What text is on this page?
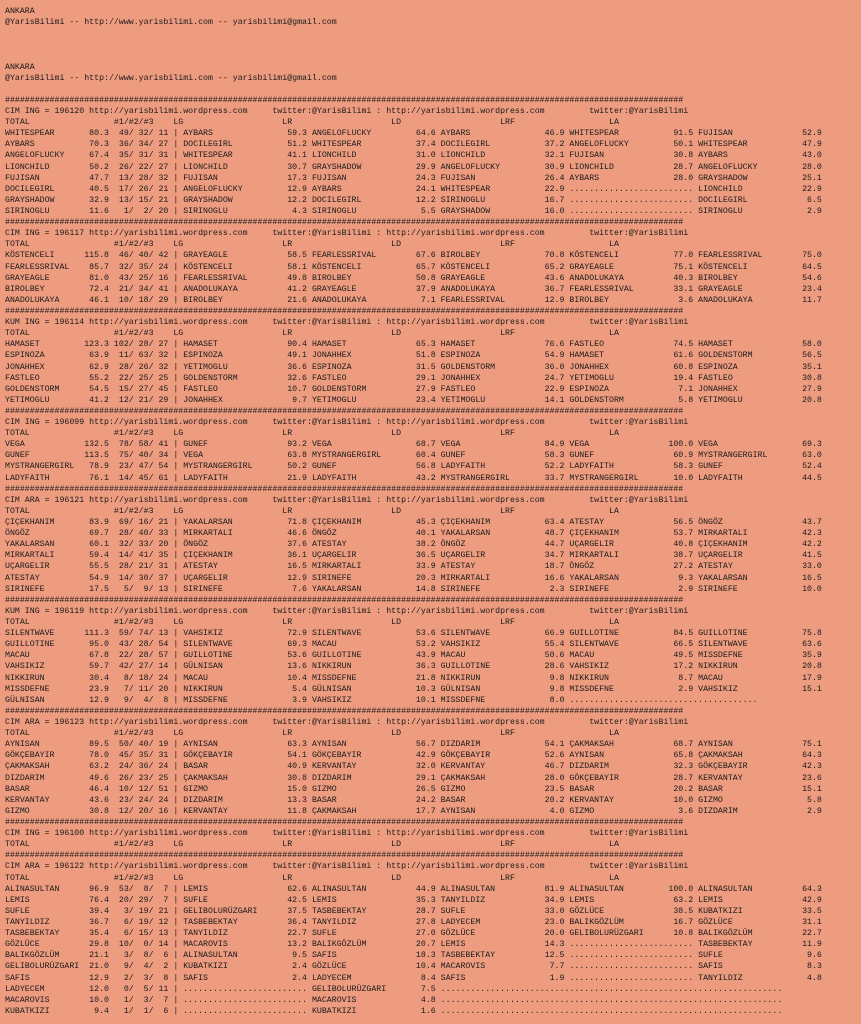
ANKARA
@YarisBilimi -- http://www.yarisbilimi.com -- yarisbilimi@gmail.com
ANKARA
@YarisBilimi -- http://www.yarisbilimi.com -- yarisbilimi@gmail.com
#########################################################################################################################################
CIM ING = 196120 http://yarisbilimi.wordpress.com     twitter:@YarisBilimi : http://yarisbilimi.wordpress.com         twitter:@YarisBilimi
TOTAL                 #1/#2/#3    LG                    LR                    LD                    LRF                   LA
WHITESPEAR       80.3  49/ 32/ 11 | AYBARS               59.3 ANGELOFLUCKY         64.6 AYBARS               46.9 WHITESPEAR           91.5 FUJISAN              52.9
AYBARS           70.3  36/ 34/ 27 | DOCILEGIRL           51.2 WHITESPEAR           37.4 DOCILEGIRL           37.2 ANGELOFLUCKY         50.1 WHITESPEAR           47.9
ANGELOFLUCKY     67.4  35/ 31/ 31 | WHITESPEAR           41.1 LIONCHILD            31.0 LIONCHILD            32.1 FUJISAN              30.8 AYBARS               43.0
LIONCHILD        50.2  26/ 22/ 27 | LIONCHILD            30.7 GRAYSHADOW           29.9 ANGELOFLUCKY         30.9 LIONCHILD            28.7 ANGELOFLUCKY         28.0
FUJISAN          47.7  13/ 28/ 32 | FUJISAN              17.3 FUJISAN              24.3 FUJISAN              26.4 AYBARS               28.0 GRAYSHADOW           25.1
DOCILEGIRL       40.5  17/ 26/ 21 | ANGELOFLUCKY         12.9 AYBARS               24.1 WHITESPEAR           22.9 ......................... LIONCHILD            22.9
GRAYSHADOW       32.9  13/ 15/ 21 | GRAYSHADOW           12.2 DOCILEGIRL           12.2 SIRINOGLU            16.7 ......................... DOCILEGIRL            6.5
SIRINOGLU        11.6   1/  2/ 20 | SIRINOGLU             4.3 SIRINOGLU             5.5 GRAYSHADOW           16.0 ......................... SIRINOGLU             2.9
#########################################################################################################################################
CIM ING = 196117 http://yarisbilimi.wordpress.com     twitter:@YarisBilimi : http://yarisbilimi.wordpress.com         twitter:@YarisBilimi
TOTAL                 #1/#2/#3    LG                    LR                    LD                    LRF                   LA
KÖSTENCELI      115.8  46/ 40/ 42 | GRAYEAGLE            58.5 FEARLESSRIVAL        67.6 BIROLBEY             70.8 KÖSTENCELI           77.0 FEARLESSRIVAL        75.0
FEARLESSRIVAL    85.7  32/ 35/ 24 | KÖSTENCELI           58.1 KÖSTENCELI           65.7 KÖSTENCELI           65.2 GRAYEAGLE            75.1 KÖSTENCELI           64.5
GRAYEAGLE        81.0  43/ 25/ 16 | FEARLESSRIVAL        49.8 BIROLBEY             50.8 GRAYEAGLE            43.6 ANADOLUKAYA          40.3 BIROLBEY             54.6
BIROLBEY         72.4  21/ 34/ 41 | ANADOLUKAYA          41.2 GRAYEAGLE            37.9 ANADOLUKAYA          36.7 FEARLESSRIVAL        33.1 GRAYEAGLE            23.4
ANADOLUKAYA      46.1  10/ 18/ 29 | BIROLBEY             21.6 ANADOLUKAYA           7.1 FEARLESSRIVAL        12.9 BIROLBEY              3.6 ANADOLUKAYA          11.7
#########################################################################################################################################
KUM ING = 196114 http://yarisbilimi.wordpress.com     twitter:@YarisBilimi : http://yarisbilimi.wordpress.com         twitter:@YarisBilimi
TOTAL                 #1/#2/#3    LG                    LR                    LD                    LRF                   LA
HAMASET         123.3 102/ 28/ 27 | HAMASET              90.4 HAMASET              65.3 HAMASET              76.6 FASTLEO              74.5 HAMASET              58.0
ESPINOZA         63.9  11/ 63/ 32 | ESPINOZA             49.1 JONAHHEX             51.8 ESPINOZA             54.9 HAMASET              61.6 GOLDENSTORM          56.5
JONAHHEX         62.9  28/ 26/ 32 | YETIMOGLU            36.6 ESPINOZA             31.5 GOLDENSTORM          36.0 JONAHHEX             60.8 ESPINOZA             35.1
FASTLEO          55.2  22/ 25/ 25 | GOLDENSTORM          32.6 FASTLEO              29.1 JONAHHEX             24.7 YETIMOGLU            19.4 FASTLEO              30.8
GOLDENSTORM      54.5  15/ 27/ 45 | FASTLEO              10.7 GOLDENSTORM          27.9 FASTLEO              22.9 ESPINOZA              7.1 JONAHHEX             27.9
YETIMOGLU        41.2  12/ 21/ 29 | JONAHHEX              9.7 YETIMOGLU            23.4 YETIMOGLU            14.1 GOLDENSTORM           5.8 YETIMOGLU            20.8
#########################################################################################################################################
CIM ING = 196099 http://yarisbilimi.wordpress.com     twitter:@YarisBilimi : http://yarisbilimi.wordpress.com         twitter:@YarisBilimi
TOTAL                 #1/#2/#3    LG                    LR                    LD                    LRF                   LA
VEGA            132.5  78/ 58/ 41 | GUNEF                93.2 VEGA                 68.7 VEGA                 84.9 VEGA                100.0 VEGA                 69.3
GUNEF           113.5  75/ 40/ 34 | VEGA                 63.8 MYSTRANGERGIRL       60.4 GUNEF                58.3 GUNEF                60.9 MYSTRANGERGIRL       63.0
MYSTRANGERGIRL   78.9  23/ 47/ 54 | MYSTRANGERGIRL       50.2 GUNEF                56.8 LADYFAITH            52.2 LADYFAITH            58.3 GUNEF                52.4
LADYFAITH        76.1  14/ 45/ 61 | LADYFAITH            21.9 LADYFAITH            43.2 MYSTRANGERGIRL       33.7 MYSTRANGERGIRL       10.0 LADYFAITH            44.5
#########################################################################################################################################
CIM ARA = 196121 http://yarisbilimi.wordpress.com     twitter:@YarisBilimi : http://yarisbilimi.wordpress.com         twitter:@YarisBilimi
TOTAL                 #1/#2/#3    LG                    LR                    LD                    LRF                   LA
ÇIÇEKHANIM       83.9  69/ 16/ 21 | YAKALARSAN           71.8 ÇIÇEKHANIM           45.3 ÇIÇEKHANIM           63.4 ATESTAY              56.5 ÖNGÖZ                43.7
ÖNGÖZ            69.7  28/ 40/ 33 | MIRKARTALI           46.6 ÖNGÖZ                40.1 YAKALARSAN           48.7 ÇIÇEKHANIM           53.7 MIRKARTALI           42.3
YAKALARSAN       60.1  32/ 33/ 20 | ÖNGÖZ                37.6 ATESTAY              38.2 ÖNGÖZ                44.7 UÇARGELIR            40.8 ÇIÇEKHANIM           42.2
MIRKARTALI       59.4  14/ 41/ 35 | ÇIÇEKHANIM           36.1 UÇARGELIR            36.5 UÇARGELIR            34.7 MIRKARTALI           38.7 UÇARGELIR            41.5
UÇARGELIR        55.5  28/ 21/ 31 | ATESTAY              16.5 MIRKARTALI           33.9 ATESTAY              18.7 ÖNGÖZ                27.2 ATESTAY              33.0
ATESTAY          54.9  14/ 30/ 37 | UÇARGELIR            12.9 SIRINEFE             20.3 MIRKARTALI           16.6 YAKALARSAN            9.3 YAKALARSAN           16.5
SIRINEFE         17.5   5/  9/ 13 | SIRINEFE              7.6 YAKALARSAN           14.8 SIRINEFE              2.3 SIRINEFE              2.9 SIRINEFE             10.0
#########################################################################################################################################
KUM ING = 196119 http://yarisbilimi.wordpress.com     twitter:@YarisBilimi : http://yarisbilimi.wordpress.com         twitter:@YarisBilimi
TOTAL                 #1/#2/#3    LG                    LR                    LD                    LRF                   LA
SILENTWAVE      111.3  59/ 74/ 13 | VAHSIKIZ             72.9 SILENTWAVE           53.6 SILENTWAVE           66.9 GUILLOTINE           84.5 GUILLOTINE           75.8
GUILLOTINE       95.0  43/ 28/ 54 | SILENTWAVE           69.3 MACAU                53.2 VAHSIKIZ             55.4 SILENTWAVE           66.5 SILENTWAVE           63.6
MACAU            67.8  22/ 28/ 57 | GUILLOTINE           53.6 GUILLOTINE           43.9 MACAU                50.6 MACAU                49.5 MISSDEFNE            35.9
VAHSIKIZ         59.7  42/ 27/ 14 | GÜLNISAN             13.6 NIKKIRUN             36.3 GUILLOTINE           28.6 VAHSIKIZ             17.2 NIKKIRUN             20.8
NIKKIRUN         30.4   8/ 18/ 24 | MACAU                10.4 MISSDEFNE            21.8 NIKKIRUN              9.8 NIKKIRUN              8.7 MACAU                17.9
MISSDEFNE        23.9   7/ 11/ 20 | NIKKIRUN              5.4 GÜLNISAN             10.3 GÜLNISAN              9.8 MISSDEFNE             2.9 VAHSIKIZ             15.1
GÜLNISAN         12.9   9/  4/  8 | MISSDEFNE             3.9 VAHSIKIZ             10.1 MISSDEFNE             8.0 ......................................
#########################################################################################################################################
CIM ARA = 196123 http://yarisbilimi.wordpress.com     twitter:@YarisBilimi : http://yarisbilimi.wordpress.com         twitter:@YarisBilimi
TOTAL                 #1/#2/#3    LG                    LR                    LD                    LRF                   LA
AYNISAN          89.5  50/ 40/ 19 | AYNISAN              63.3 AYNISAN              56.7 DIZDARIM             54.1 ÇAKMAKSAH            68.7 AYNISAN              75.1
GÖKÇEBAYIR       78.0  45/ 35/ 31 | GÖKÇEBAYIR           54.1 GÖKÇEBAYIR           42.9 GÖKÇEBAYIR           52.6 AYNISAN              65.8 ÇAKMAKSAH            64.3
ÇAKMAKSAH        63.2  24/ 36/ 24 | BASAR                40.9 KERVANTAY            32.0 KERVANTAY            46.7 DIZDARIM             32.3 GÖKÇEBAYIR           42.3
DIZDARIM         49.6  26/ 23/ 25 | ÇAKMAKSAH            30.8 DIZDARIM             29.1 ÇAKMAKSAH            28.0 GÖKÇEBAYIR           28.7 KERVANTAY            23.6
BASAR            46.4  10/ 12/ 51 | GIZMO                15.0 GIZMO                26.5 GIZMO                23.5 BASAR                20.2 BASAR                15.1
KERVANTAY        43.6  23/ 24/ 24 | DIZDARIM             13.3 BASAR                24.2 BASAR                20.2 KERVANTAY            10.0 GIZMO                 5.8
GIZMO            30.8  12/ 20/ 16 | KERVANTAY            11.8 ÇAKMAKSAH            17.7 AYNISAN               4.0 GIZMO                 3.6 DIZDARIM              2.9
#########################################################################################################################################
CIM ING = 196100 http://yarisbilimi.wordpress.com     twitter:@YarisBilimi : http://yarisbilimi.wordpress.com         twitter:@YarisBilimi
TOTAL                 #1/#2/#3    LG                    LR                    LD                    LRF                   LA
#########################################################################################################################################
CIM ARA = 196122 http://yarisbilimi.wordpress.com     twitter:@YarisBilimi : http://yarisbilimi.wordpress.com         twitter:@YarisBilimi
TOTAL                 #1/#2/#3    LG                    LR                    LD                    LRF                   LA
ALINASULTAN      96.9  53/  8/  7 | LEMIS                62.6 ALINASULTAN          44.9 ALINASULTAN          81.9 ALINASULTAN         100.0 ALINASULTAN          64.3
LEMIS            76.4  20/ 29/  7 | SUFLE                42.5 LEMIS                35.3 TANYILDIZ            34.9 LEMIS                63.2 LEMIS                42.9
SUFLE            39.4   3/ 19/ 21 | GELIBOLURÜZGARI      37.5 TASBEBEKTAY          28.7 SUFLE                33.0 GÖZLÜCE              38.5 KUBATKIZI            33.5
TANYILDIZ        36.7   6/ 19/ 12 | TASBEBEKTAY          36.4 TANYILDIZ            27.8 LADYECEM             23.0 BALIKGÖZLÜM          16.7 GÖZLÜCE              31.1
TASBEBEKTAY      35.4   6/ 15/ 13 | TANYILDIZ            22.7 SUFLE                27.0 GÖZLÜCE              20.0 GELIBOLURÜZGARI      10.8 BALIKGÖZLÜM          22.7
GÖZLÜCE          29.8  10/  0/ 14 | MACAROVIS            13.2 BALIKGÖZLÜM          20.7 LEMIS                14.3 ......................... TASBEBEKTAY          11.9
BALIKGÖZLÜM      21.1   3/  8/  6 | ALINASULTAN           9.5 SAFIS                18.3 TASBEBEKTAY          12.5 ......................... SUFLE                 9.6
GELIBOLURÜZGARI  21.0   9/  4/  2 | KUBATKIZI             2.4 GÖZLÜCE              10.4 MACAROVIS             7.7 ......................... SAFIS                 8.3
SAFIS            12.9   2/  3/  8 | SAFIS                 2.4 LADYECEM              8.4 SAFIS                 1.9 ......................... TANYILDIZ             4.8
LADYECEM         12.0   0/  5/ 11 | ......................... GELIBOLURÜZGARI       7.5 .....................................................................
MACAROVIS        10.0   1/  3/  7 | ......................... MACAROVIS             4.8 .....................................................................
KUBATKIZI         9.4   1/  1/  6 | ......................... KUBATKIZI             1.6 .....................................................................
